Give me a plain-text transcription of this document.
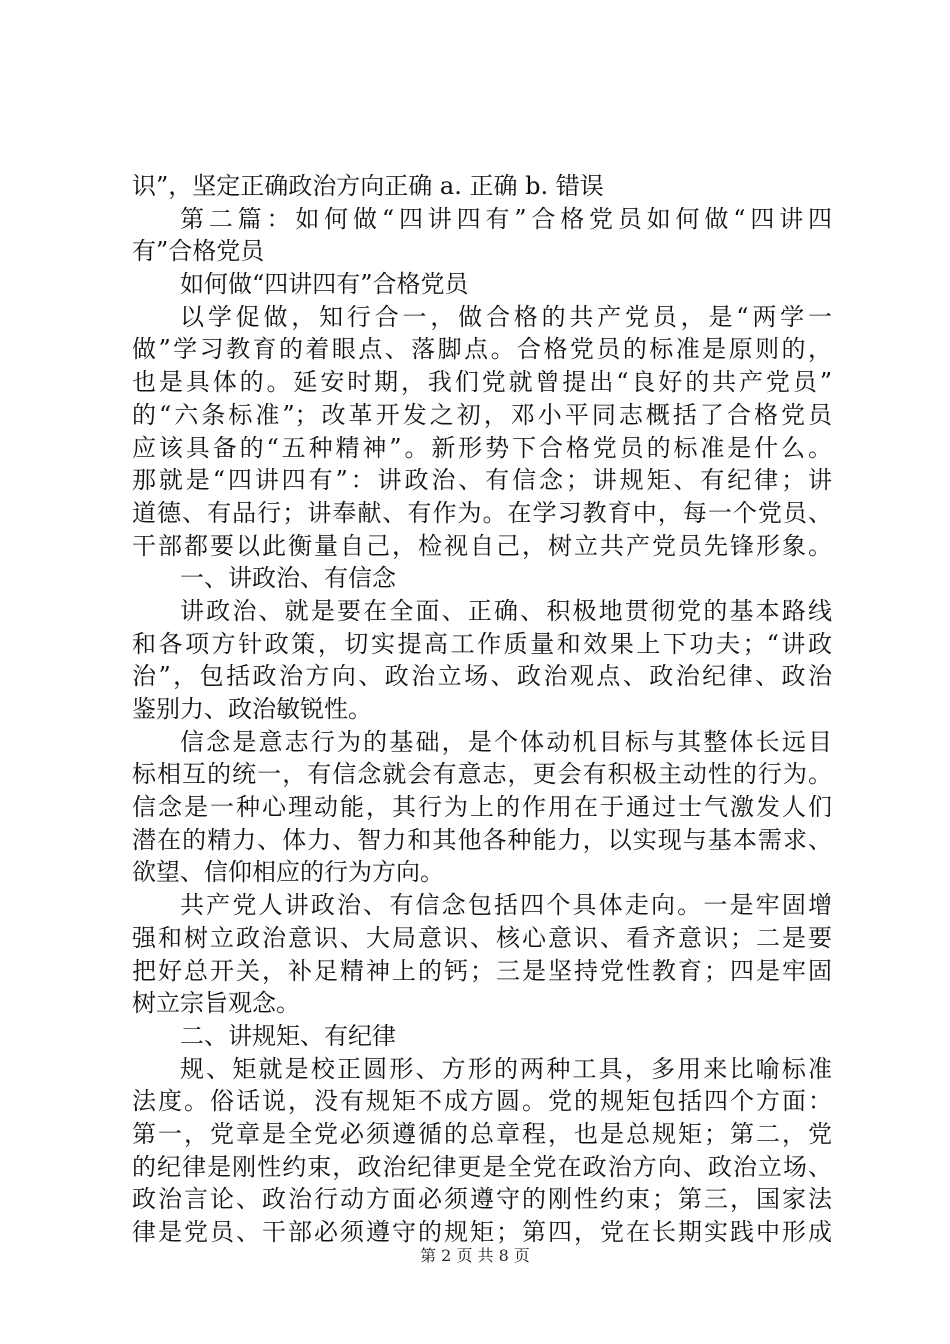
识”，坚定正确政治方向正确 a. 正确 b. 错误
第二篇：如何做“四讲四有”合格党员如何做“四讲四
有”合格党员
如何做“四讲四有”合格党员
以学促做，知行合一，做合格的共产党员，是“两学一
做”学习教育的着眼点、落脚点。合格党员的标准是原则的，
也是具体的。延安时期，我们党就曾提出“良好的共产党员”
的“六条标准”；改革开发之初，邓小平同志概括了合格党员
应该具备的“五种精神”。新形势下合格党员的标准是什么。
那就是“四讲四有”：讲政治、有信念；讲规矩、有纪律；讲
道德、有品行；讲奉献、有作为。在学习教育中，每一个党员、
干部都要以此衡量自己，检视自己，树立共产党员先锋形象。
一、讲政治、有信念
讲政治、就是要在全面、正确、积极地贯彻党的基本路线
和各项方针政策，切实提高工作质量和效果上下功夫；“讲政
治”，包括政治方向、政治立场、政治观点、政治纪律、政治
鉴别力、政治敏锐性。
信念是意志行为的基础，是个体动机目标与其整体长远目
标相互的统一，有信念就会有意志，更会有积极主动性的行为。
信念是一种心理动能，其行为上的作用在于通过士气激发人们
潜在的精力、体力、智力和其他各种能力，以实现与基本需求、
欲望、信仰相应的行为方向。
共产党人讲政治、有信念包括四个具体走向。一是牢固增
强和树立政治意识、大局意识、核心意识、看齐意识；二是要
把好总开关，补足精神上的钙；三是坚持党性教育；四是牢固
树立宗旨观念。
二、讲规矩、有纪律
规、矩就是校正圆形、方形的两种工具，多用来比喻标准
法度。俗话说，没有规矩不成方圆。党的规矩包括四个方面：
第一，党章是全党必须遵循的总章程，也是总规矩；第二，党
的纪律是刚性约束，政治纪律更是全党在政治方向、政治立场、
政治言论、政治行动方面必须遵守的刚性约束；第三，国家法
律是党员、干部必须遵守的规矩；第四，党在长期实践中形成
第 2 页 共 8 页
